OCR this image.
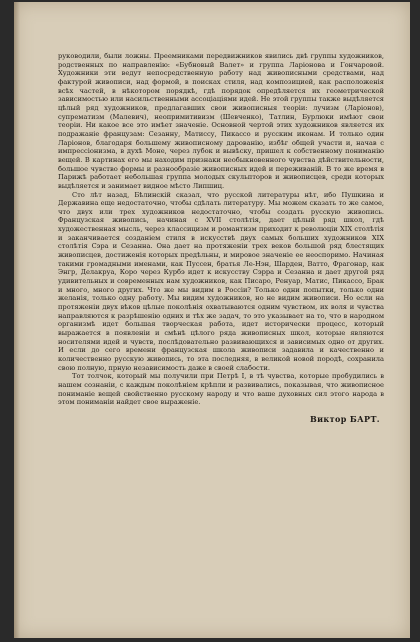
руководили, были ложны. Преемниками передвижников явились двѣ группы художников, родственных по направленію: «Бубновый Валет» и группа Ларіонова и Гончаровой. Художники эти ведут непосредственную работу над живописными средствами, над фактурой живописи, над формой, в поисках стиля, над композицией, как расположенія всѣх частей, в нѣкотором порядкѣ, гдѣ порядок опредѣляется их геометрической зависимостью или насильственными ассоціаціями идей. Не этой группы также выдѣляется цѣлый ряд художников, предлагавших свои живописныя теоріи: лучизм (Ларіонов), супрематизм (Малевич), неопримитивизм (Шевченко), Татлин, Бурлюки имѣют свои теоріи. Ни какое все это имѣет значеніе. Основной чертой этих художников является их подражаніе французам: Сезанну, Матиссу, Пикассо и русским иконам. И только один Ларіонов, благодаря большему живописному дарованію, избѣг общей участи и, начав с импрессіонизма, в духѣ Моне, через лубок и вывѣску, пришел к собственному пониманію вещей. В картинах его мы находим признаки необыкновенного чувства дѣйствительности, большое чувство формы и разнообразіе живописных идей и переживаній. В то же время в Парижѣ работает небольшая группа молодых скульпторов и живописцев, среди которых выдѣляется и занимает видное мѣсто Липшиц.

Сто лѣт назад, Бѣлинскій сказал, что русской литературы нѣт, ибо Пушкина и Державина еще недостаточно, чтобы сдѣлать литературу. Мы можем сказать то же самое, что двух или трех художников недостаточно, чтобы создать русскую живопись. Французская живопись, начиная с XVII столѣтія, дает цѣлый ряд школ, гдѣ художественная мысль, через классицизм и романтизм приходит к революціи XIX столѣтія и заканчивается созданіем стиля в искусствѣ двух самых больших художников XIX столѣтія Сэра и Сезанна. Она дает на протяженіи трех веков большой ряд блестящих живописцев, достиженія которых предѣльны, и мировое значеніе ее неоспоримо. Начиная такими громадными именами, как Пуссен, братья Ле-Нэн, Шарден, Ватто, Фрагонар, как Энгр, Делакруа, Коро через Курбэ идет к искусству Сэрра и Сезанна и дает другой ряд удивительных и современных нам художников, как Писаро, Ренуар, Матис, Пикассо, Брак и много, много других. Что же мы видим в Россіи? Только одни попытки, только одни желанія, только одну работу. Мы видим художников, но не видим живописи. Но если на протяженіи двух вѣков цѣлые поколѣнія охватываются одним чувством, их воля и чувства направляются к разрѣшенію одних и тѣх же задач, то это указывает на то, что в народном организмѣ идет большая творческая работа, идет исторически процесс, который выражается в появленіи и смѣнѣ цѣлого ряда живописных школ, которые являются носителями идей и чувств, послѣдовательно развивающихся и зависимых одно от других. И если до сего времени французская школа живописи задавила и качественно и количественно русскую живопись, то эта последняя, в великой новой породѣ, сохранила свою полную, прную независимость даже в своей слабости.

Тот толчок, который мы получили при Петрѣ I, в тѣ чувства, которые пробудились в нашем сознаніи, с каждым поколѣніем крѣпли и развивались, показывая, что живописное пониманіе вещей свойственно русскому народу и что ваше духовных сил этого народа в этом пониманіи найдет свое выраженіе.

Виктор БАРТ.
